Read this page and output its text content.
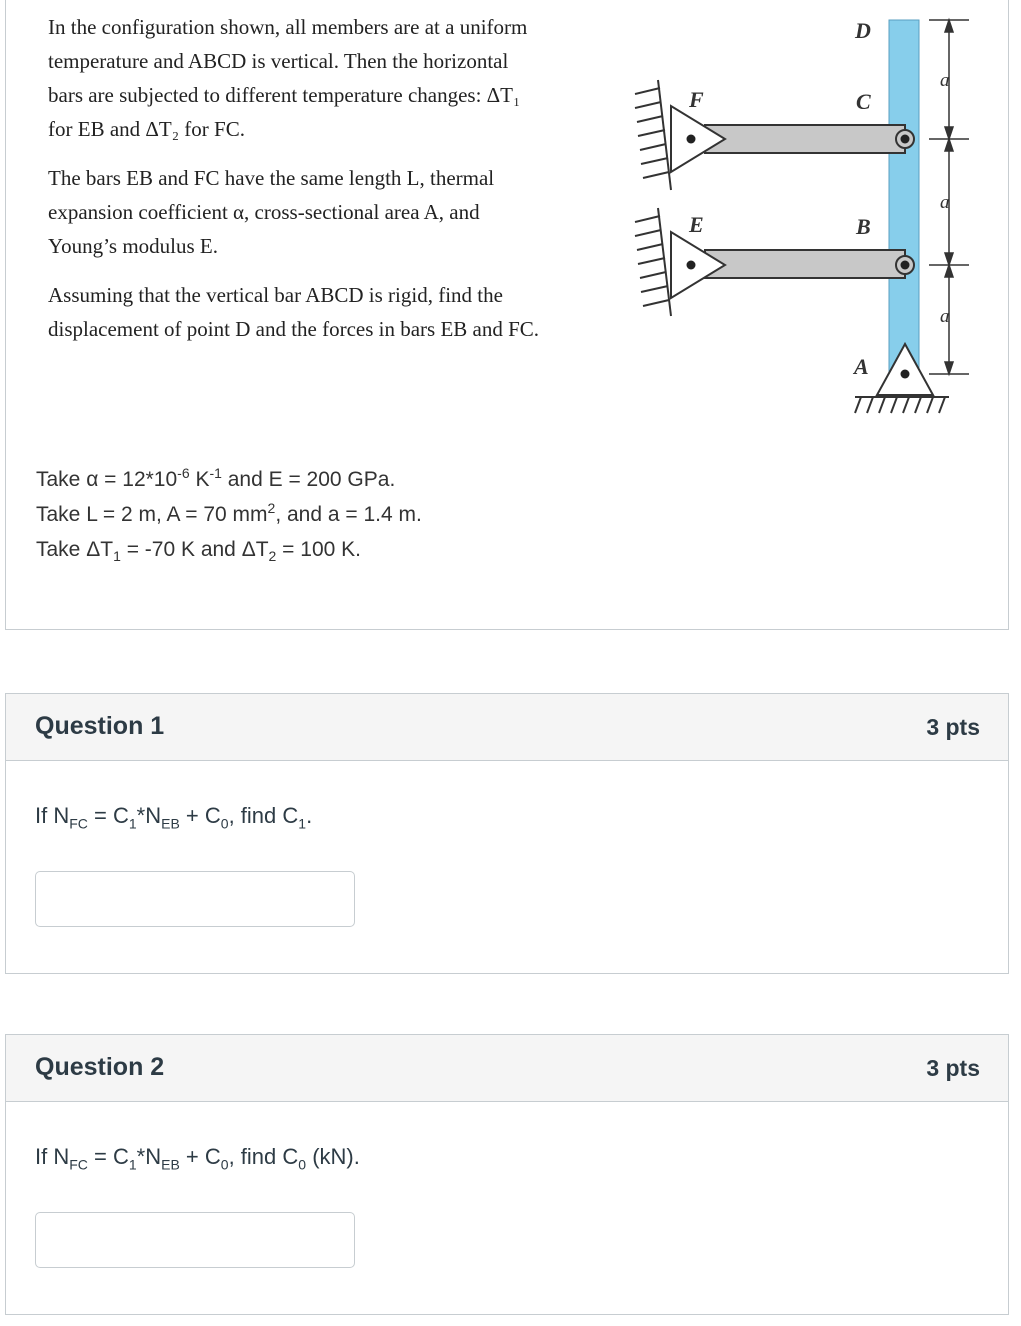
In the configuration shown, all members are at a uniform
temperature and ABCD is vertical. Then the horizontal
bars are subjected to different temperature changes: ΔT₁
for EB and ΔT₂ for FC.

The bars EB and FC have the same length L, thermal
expansion coefficient α, cross-sectional area A, and
Young’s modulus E.

Assuming that the vertical bar ABCD is rigid, find the
displacement of point D and the forces in bars EB and FC.

D
C
B
A
F
E
a
a
a
Take $\alpha = 12*10^{-6}$ $K^{-1}$ and E = 200 GPa.
Take L = 2 m, A = 70 $mm^2$, and a = 1.4 m.
Take $\Delta T_1 = -70$ K and $\Delta T_2 = 100$ K.
Question 1	3 pts
If $N_{FC} = C_1*N_{EB} + C_0$, find $C_1$.
Question 2	3 pts
If $N_{FC} = C_1*N_{EB} + C_0$, find $C_0$ (kN).
